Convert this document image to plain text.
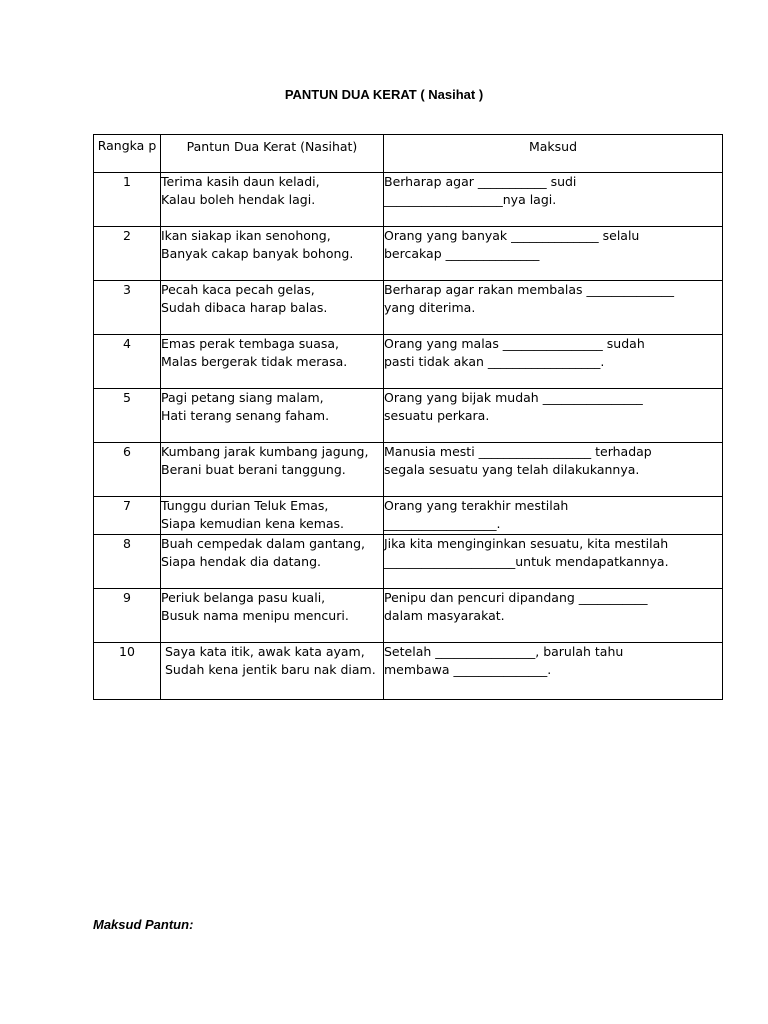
PANTUN DUA KERAT ( Nasihat )
Rangka p	Pantun Dua Kerat (Nasihat)	Maksud
1	Terima kasih daun keladi,
Kalau boleh hendak lagi.	Berharap agar ___________ sudi
___________________nya lagi.

2	Ikan siakap ikan senohong,
Banyak cakap banyak bohong.	Orang yang banyak ______________ selalu
bercakap _______________

3	Pecah kaca pecah gelas,
Sudah dibaca harap balas.	Berharap agar rakan membalas ______________
yang diterima.

4	Emas perak tembaga suasa,
Malas bergerak tidak merasa.	Orang yang malas ________________ sudah
pasti tidak akan __________________.

5	Pagi petang siang malam,
Hati terang senang faham.	Orang yang bijak mudah ________________
sesuatu perkara.

6	Kumbang jarak kumbang jagung,
Berani buat berani tanggung.	Manusia mesti __________________ terhadap
segala sesuatu yang telah dilakukannya.

7	Tunggu durian Teluk Emas,
Siapa kemudian kena kemas.	Orang yang terakhir mestilah
__________________.

8	Buah cempedak dalam gantang,
Siapa hendak dia datang.	Jika kita menginginkan sesuatu, kita mestilah
_____________________untuk mendapatkannya.

9	Periuk belanga pasu kuali,
Busuk nama menipu mencuri.	Penipu dan pencuri dipandang ___________
dalam masyarakat.

10	Saya kata itik, awak kata ayam,
Sudah kena jentik baru nak diam.	Setelah ________________, barulah tahu
membawa _______________.
Maksud Pantun:
